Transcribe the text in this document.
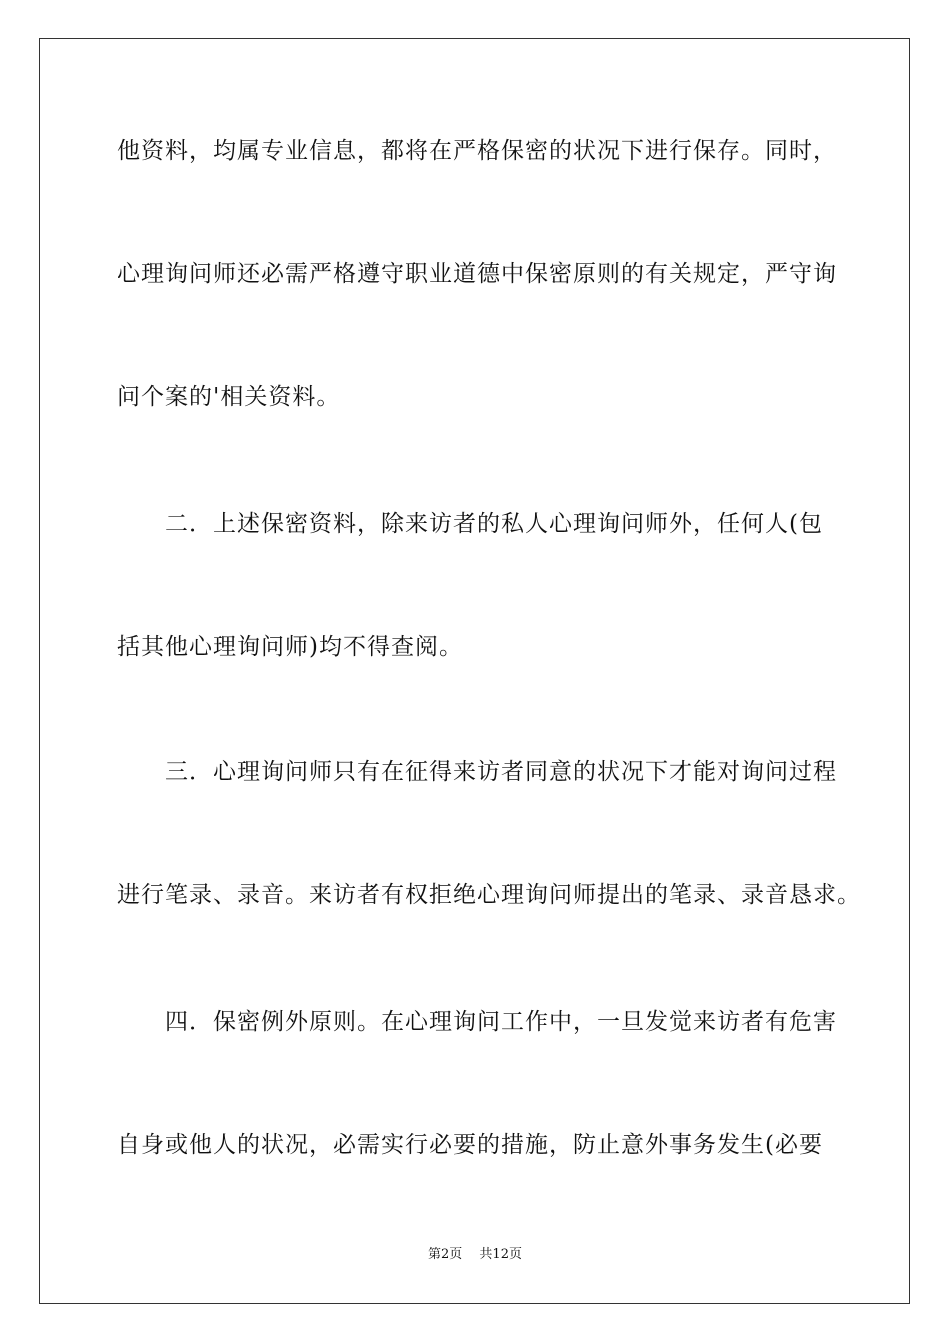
他资料，均属专业信息，都将在严格保密的状况下进行保存。同时，
心理询问师还必需严格遵守职业道德中保密原则的有关规定，严守询
问个案的'相关资料。
　　二．上述保密资料，除来访者的私人心理询问师外，任何人(包
括其他心理询问师)均不得查阅。
　　三．心理询问师只有在征得来访者同意的状况下才能对询问过程
进行笔录、录音。来访者有权拒绝心理询问师提出的笔录、录音恳求。
　　四．保密例外原则。在心理询问工作中，一旦发觉来访者有危害
自身或他人的状况，必需实行必要的措施，防止意外事务发生(必要
第2页　 共12页
